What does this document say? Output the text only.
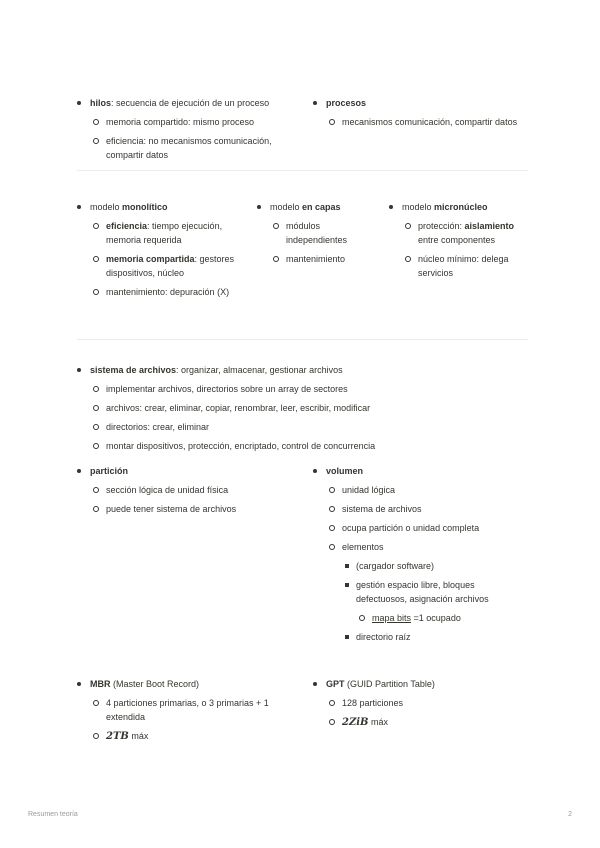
hilos: secuencia de ejecución de un proceso
memoria compartido: mismo proceso
eficiencia: no mecanismos comunicación, compartir datos
procesos
mecanismos comunicación, compartir datos
modelo monolítico
eficiencia: tiempo ejecución, memoria requerida
memoria compartida: gestores dispositivos, núcleo
mantenimiento: depuración (X)
modelo en capas
módulos independientes
mantenimiento
modelo micronúcleo
protección: aislamiento entre componentes
núcleo mínimo: delega servicios
sistema de archivos: organizar, almacenar, gestionar archivos
implementar archivos, directorios sobre un array de sectores
archivos: crear, eliminar, copiar, renombrar, leer, escribir, modificar
directorios: crear, eliminar
montar dispositivos, protección, encriptado, control de concurrencia
partición
sección lógica de unidad física
puede tener sistema de archivos
volumen
unidad lógica
sistema de archivos
ocupa partición o unidad completa
elementos
(cargador software)
gestión espacio libre, bloques defectuosos, asignación archivos
mapa bits =1 ocupado
directorio raíz
MBR (Master Boot Record)
4 particiones primarias, o 3 primarias + 1 extendida
2TB máx
GPT (GUID Partition Table)
128 particiones
2ZiB máx
Resumen teoría	2
